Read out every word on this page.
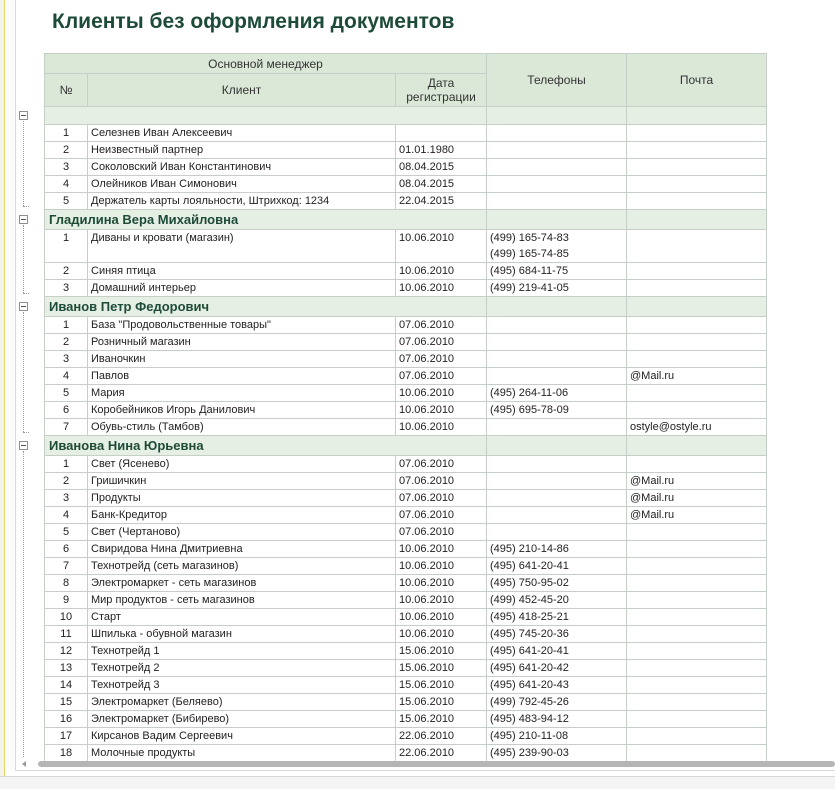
Клиенты без оформления документов
Основной менеджер			Телефоны	Почта
№	Клиент	Дата регистрации		

1	Селезнев Иван Алексеевич			
2	Неизвестный партнер	01.01.1980		
3	Соколовский Иван Константинович	08.04.2015		
4	Олейников Иван Симонович	08.04.2015		
5	Держатель карты лояльности, Штрихкод: 1234	22.04.2015		
Гладилина Вера Михайловна				
1	Диваны и кровати (магазин)	10.06.2010	(499) 165-74-83
(499) 165-74-85	

2	Синяя птица	10.06.2010	(495) 684-11-75	

3	Домашний интерьер	10.06.2010	(499) 219-41-05	

Иванов Петр Федорович				
1	База "Продовольственные товары"	07.06.2010		
2	Розничный магазин	07.06.2010		
3	Иваночкин	07.06.2010		
4	Павлов	07.06.2010		@Mail.ru
5	Мария	10.06.2010	(495) 264-11-06	

6	Коробейников Игорь Данилович	10.06.2010	(495) 695-78-09	

7	Обувь-стиль (Тамбов)	10.06.2010		ostyle@ostyle.ru
Иванова Нина Юрьевна				
1	Свет (Ясенево)	07.06.2010		
2	Гришичкин	07.06.2010		@Mail.ru
3	Продукты	07.06.2010		@Mail.ru
4	Банк-Кредитор	07.06.2010		@Mail.ru
5	Свет (Чертаново)	07.06.2010		
6	Свиридова Нина Дмитриевна	10.06.2010	(495) 210-14-86	

7	Технотрейд (сеть магазинов)	10.06.2010	(495) 641-20-41	

8	Электромаркет - сеть магазинов	10.06.2010	(495) 750-95-02	

9	Мир продуктов - сеть магазинов	10.06.2010	(499) 452-45-20	

10	Старт	10.06.2010	(495) 418-25-21	

11	Шпилька - обувной магазин	10.06.2010	(495) 745-20-36	

12	Технотрейд 1	15.06.2010	(495) 641-20-41	

13	Технотрейд 2	15.06.2010	(495) 641-20-42	

14	Технотрейд 3	15.06.2010	(495) 641-20-43	

15	Электромаркет (Беляево)	15.06.2010	(499) 792-45-26	

16	Электромаркет (Бибирево)	15.06.2010	(495) 483-94-12	

17	Кирсанов Вадим Сергеевич	22.06.2010	(495) 210-11-08	

18	Молочные продукты	22.06.2010	(495) 239-90-03	
